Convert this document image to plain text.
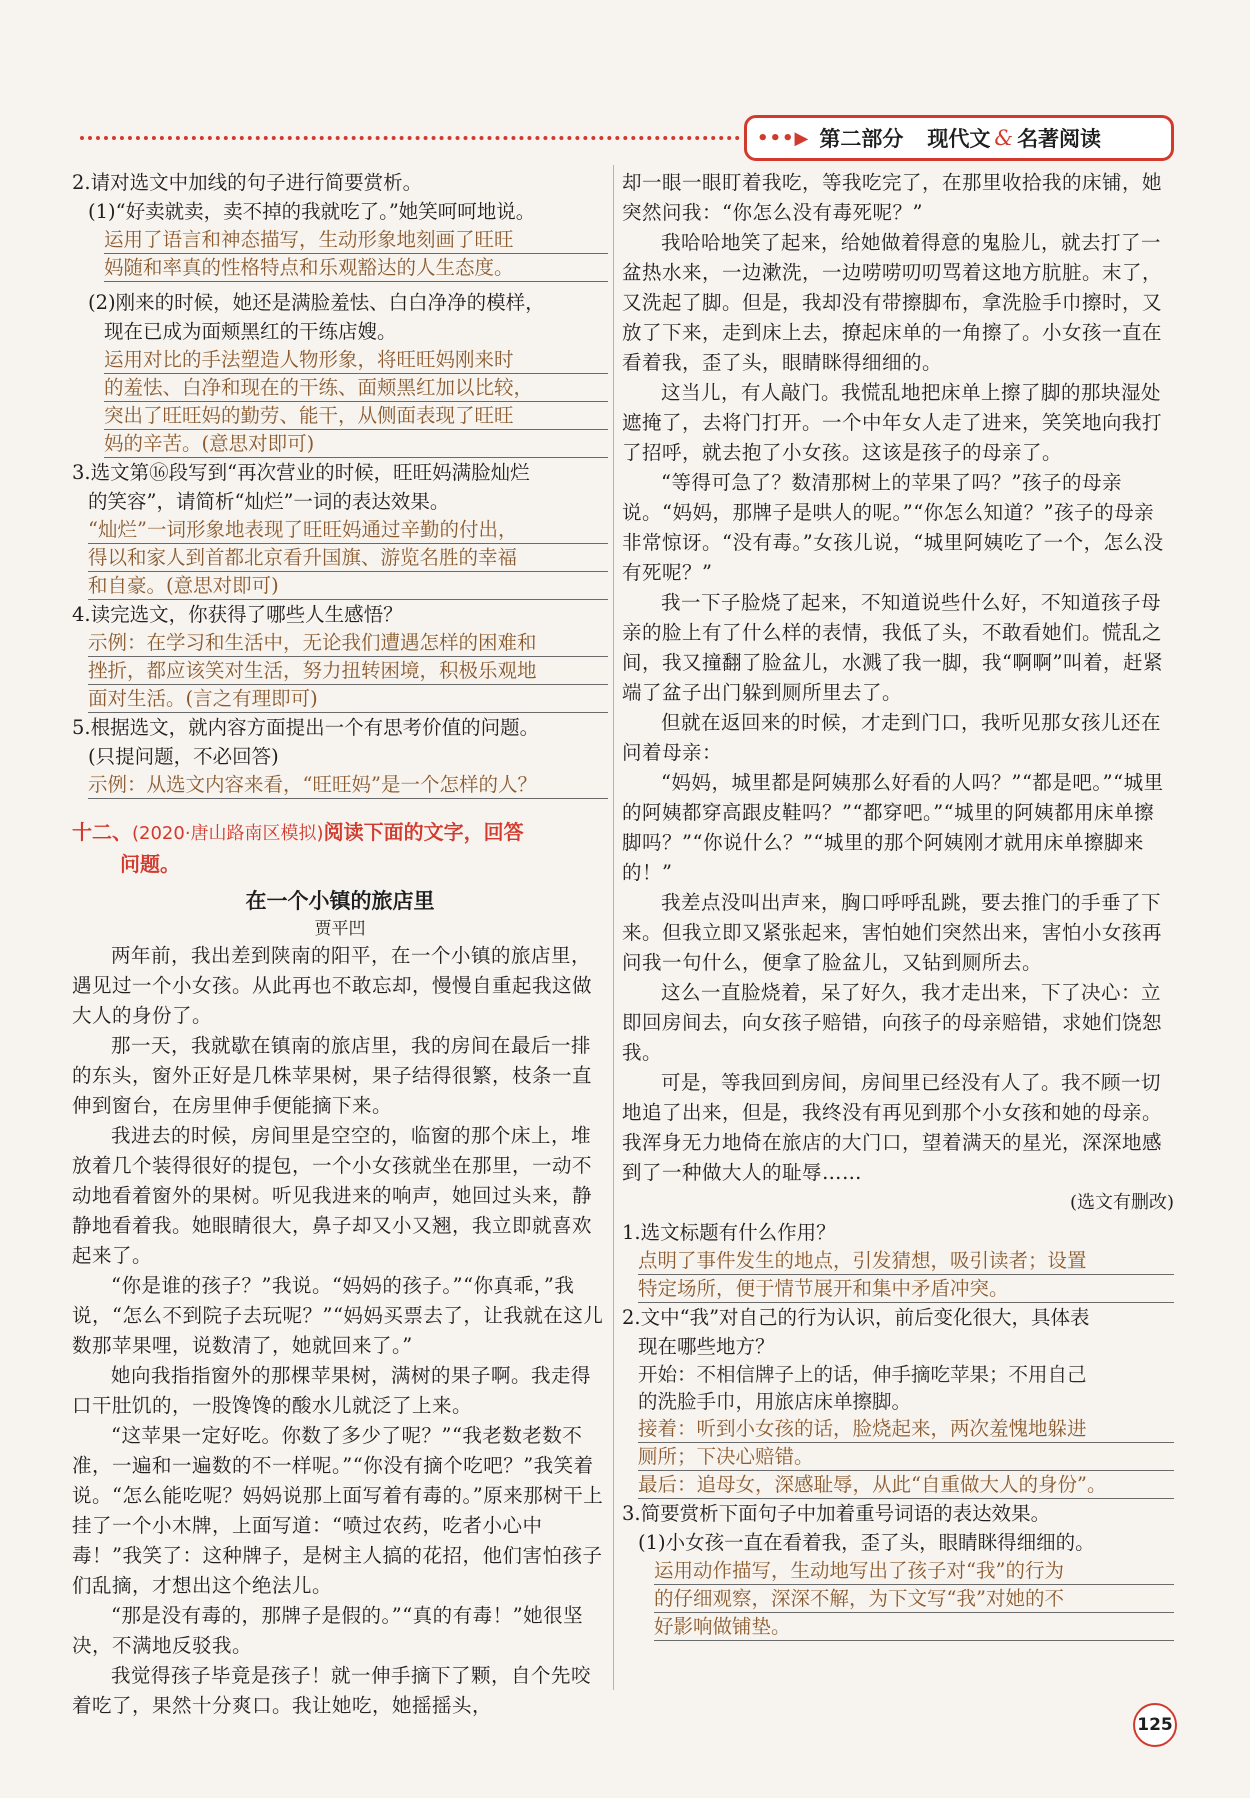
•••▶ 第二部分 现代文 & 名著阅读

2.请对选文中加线的句子进行简要赏析。

(1)“好卖就卖，卖不掉的我就吃了。”她笑呵呵地说。

运用了语言和神态描写，生动形象地刻画了旺旺
妈随和率真的性格特点和乐观豁达的人生态度。

(2)刚来的时候，她还是满脸羞怯、白白净净的模样，

现在已成为面颊黑红的干练店嫂。

运用对比的手法塑造人物形象，将旺旺妈刚来时
的羞怯、白净和现在的干练、面颊黑红加以比较，
突出了旺旺妈的勤劳、能干，从侧面表现了旺旺
妈的辛苦。(意思对即可)

3.选文第⑯段写到“再次营业的时候，旺旺妈满脸灿烂

的笑容”，请简析“灿烂”一词的表达效果。

“灿烂”一词形象地表现了旺旺妈通过辛勤的付出，
得以和家人到首都北京看升国旗、游览名胜的幸福
和自豪。(意思对即可)

4.读完选文，你获得了哪些人生感悟？

示例：在学习和生活中，无论我们遭遇怎样的困难和
挫折，都应该笑对生活，努力扭转困境，积极乐观地
面对生活。(言之有理即可)

5.根据选文，就内容方面提出一个有思考价值的问题。

(只提问题，不必回答)

示例：从选文内容来看，“旺旺妈”是一个怎样的人？

十二、(2020·唐山路南区模拟)阅读下面的文字，回答

问题。

在一个小镇的旅店里

贾平凹

两年前，我出差到陕南的阳平，在一个小镇的旅店里，遇见过一个小女孩。从此再也不敢忘却，慢慢自重起我这做大人的身份了。

那一天，我就歇在镇南的旅店里，我的房间在最后一排的东头，窗外正好是几株苹果树，果子结得很繁，枝条一直伸到窗台，在房里伸手便能摘下来。

我进去的时候，房间里是空空的，临窗的那个床上，堆放着几个装得很好的提包，一个小女孩就坐在那里，一动不动地看着窗外的果树。听见我进来的响声，她回过头来，静静地看着我。她眼睛很大，鼻子却又小又翘，我立即就喜欢起来了。

“你是谁的孩子？”我说。“妈妈的孩子。”“你真乖，”我说，“怎么不到院子去玩呢？”“妈妈买票去了，让我就在这儿数那苹果哩，说数清了，她就回来了。”

她向我指指窗外的那棵苹果树，满树的果子啊。我走得口干肚饥的，一股馋馋的酸水儿就泛了上来。

“这苹果一定好吃。你数了多少了呢？”“我老数老数不准，一遍和一遍数的不一样呢。”“你没有摘个吃吧？”我笑着说。“怎么能吃呢？妈妈说那上面写着有毒的。”原来那树干上挂了一个小木牌，上面写道：“喷过农药，吃者小心中毒！”我笑了：这种牌子，是树主人搞的花招，他们害怕孩子们乱摘，才想出这个绝法儿。

“那是没有毒的，那牌子是假的。”“真的有毒！”她很坚决，不满地反驳我。

我觉得孩子毕竟是孩子！就一伸手摘下了颗，自个先咬着吃了，果然十分爽口。我让她吃，她摇摇头，

却一眼一眼盯着我吃，等我吃完了，在那里收拾我的床铺，她突然问我：“你怎么没有毒死呢？”

我哈哈地笑了起来，给她做着得意的鬼脸儿，就去打了一盆热水来，一边漱洗，一边唠唠叨叨骂着这地方肮脏。末了，又洗起了脚。但是，我却没有带擦脚布，拿洗脸手巾擦时，又放了下来，走到床上去，撩起床单的一角擦了。小女孩一直在看着我，歪了头，眼睛眯得细细的。

这当儿，有人敲门。我慌乱地把床单上擦了脚的那块湿处遮掩了，去将门打开。一个中年女人走了进来，笑笑地向我打了招呼，就去抱了小女孩。这该是孩子的母亲了。

“等得可急了？数清那树上的苹果了吗？”孩子的母亲说。“妈妈，那牌子是哄人的呢。”“你怎么知道？”孩子的母亲非常惊讶。“没有毒。”女孩儿说，“城里阿姨吃了一个，怎么没有死呢？”

我一下子脸烧了起来，不知道说些什么好，不知道孩子母亲的脸上有了什么样的表情，我低了头，不敢看她们。慌乱之间，我又撞翻了脸盆儿，水溅了我一脚，我“啊啊”叫着，赶紧端了盆子出门躲到厕所里去了。

但就在返回来的时候，才走到门口，我听见那女孩儿还在问着母亲：

“妈妈，城里都是阿姨那么好看的人吗？”“都是吧。”“城里的阿姨都穿高跟皮鞋吗？”“都穿吧。”“城里的阿姨都用床单擦脚吗？”“你说什么？”“城里的那个阿姨刚才就用床单擦脚来的！”

我差点没叫出声来，胸口呼呼乱跳，要去推门的手垂了下来。但我立即又紧张起来，害怕她们突然出来，害怕小女孩再问我一句什么，便拿了脸盆儿，又钻到厕所去。

这么一直脸烧着，呆了好久，我才走出来，下了决心：立即回房间去，向女孩子赔错，向孩子的母亲赔错，求她们饶恕我。

可是，等我回到房间，房间里已经没有人了。我不顾一切地追了出来，但是，我终没有再见到那个小女孩和她的母亲。我浑身无力地倚在旅店的大门口，望着满天的星光，深深地感到了一种做大人的耻辱……

(选文有删改)

1.选文标题有什么作用？

点明了事件发生的地点，引发猜想，吸引读者；设置
特定场所，便于情节展开和集中矛盾冲突。

2.文中“我”对自己的行为认识，前后变化很大，具体表

现在哪些地方？

开始：不相信牌子上的话，伸手摘吃苹果；不用自己
的洗脸手巾，用旅店床单擦脚。
接着：听到小女孩的话，脸烧起来，两次羞愧地躲进
厕所；下决心赔错。
最后：追母女，深感耻辱，从此“自重做大人的身份”。

3.简要赏析下面句子中加着重号词语的表达效果。

(1)小女孩一直在看着我，歪了头，眼睛眯得细细的。

运用动作描写，生动地写出了孩子对“我”的行为
的仔细观察，深深不解，为下文写“我”对她的不
好影响做铺垫。
125
